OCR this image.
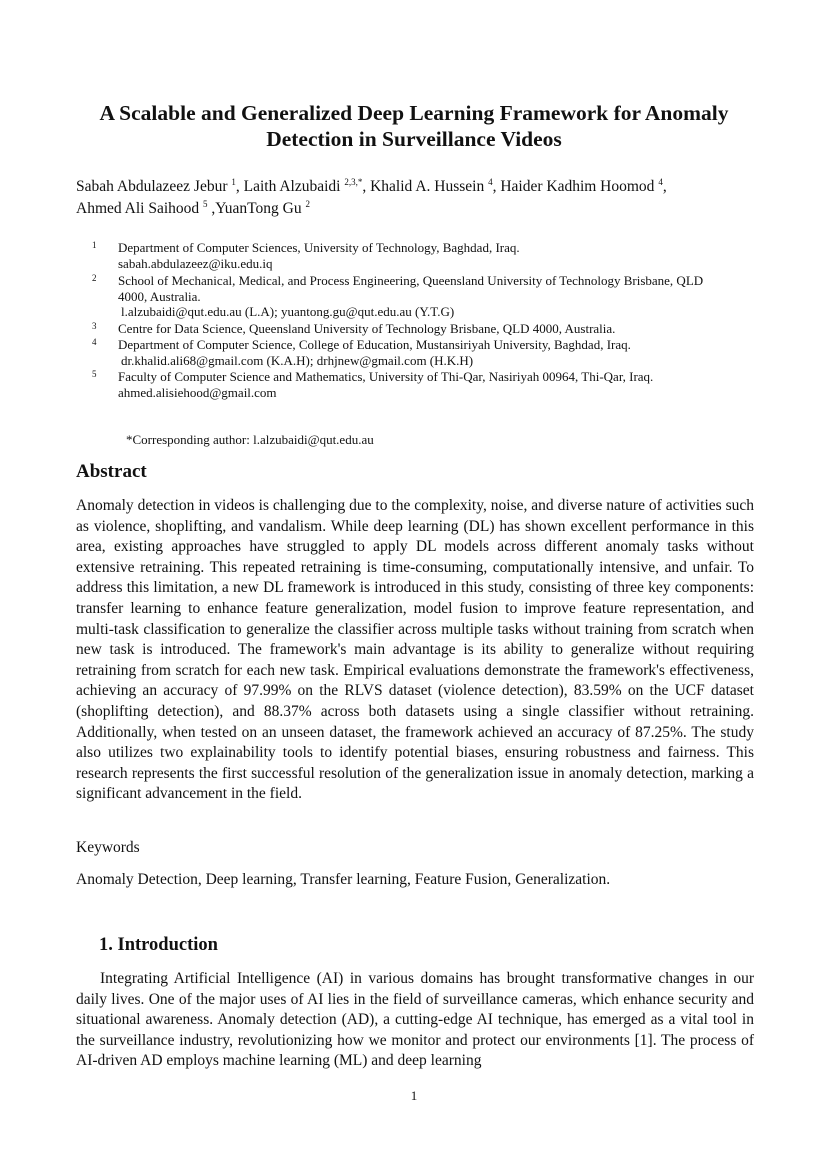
A Scalable and Generalized Deep Learning Framework for Anomaly
Detection in Surveillance Videos
Sabah Abdulazeez Jebur $^1$, Laith Alzubaidi $^{2,3,*}$, Khalid A. Hussein $^4$, Haider Kadhim Hoomod $^4$,
Ahmed Ali Saihood $^5$ ,YuanTong Gu $^2$
1 Department of Computer Sciences, University of Technology, Baghdad, Iraq.
sabah.abdulazeez@iku.edu.iq
2 School of Mechanical, Medical, and Process Engineering, Queensland University of Technology Brisbane, QLD
4000, Australia.
l.alzubaidi@qut.edu.au (L.A); yuantong.gu@qut.edu.au (Y.T.G)
3 Centre for Data Science, Queensland University of Technology Brisbane, QLD 4000, Australia.
4 Department of Computer Science, College of Education, Mustansiriyah University, Baghdad, Iraq.
dr.khalid.ali68@gmail.com (K.A.H); drhjnew@gmail.com (H.K.H)
5 Faculty of Computer Science and Mathematics, University of Thi-Qar, Nasiriyah 00964, Thi-Qar, Iraq.
ahmed.alisiehood@gmail.com
*Corresponding author: l.alzubaidi@qut.edu.au
Abstract

Anomaly detection in videos is challenging due to the complexity, noise, and diverse nature of activities such as violence, shoplifting, and vandalism. While deep learning (DL) has shown excellent performance in this area, existing approaches have struggled to apply DL models across different anomaly tasks without extensive retraining. This repeated retraining is time-consuming, computationally intensive, and unfair. To address this limitation, a new DL framework is introduced in this study, consisting of three key components: transfer learning to enhance feature generalization, model fusion to improve feature representation, and multi-task classification to generalize the classifier across multiple tasks without training from scratch when new task is introduced. The framework's main advantage is its ability to generalize without requiring retraining from scratch for each new task. Empirical evaluations demonstrate the framework's effectiveness, achieving an accuracy of 97.99% on the RLVS dataset (violence detection), 83.59% on the UCF dataset (shoplifting detection), and 88.37% across both datasets using a single classifier without retraining. Additionally, when tested on an unseen dataset, the framework achieved an accuracy of 87.25%. The study also utilizes two explainability tools to identify potential biases, ensuring robustness and fairness. This research represents the first successful resolution of the generalization issue in anomaly detection, marking a significant advancement in the field.

Keywords
Anomaly Detection, Deep learning, Transfer learning, Feature Fusion, Generalization.
1. Introduction

Integrating Artificial Intelligence (AI) in various domains has brought transformative changes in our daily lives. One of the major uses of AI lies in the field of surveillance cameras, which enhance security and situational awareness. Anomaly detection (AD), a cutting-edge AI technique, has emerged as a vital tool in the surveillance industry, revolutionizing how we monitor and protect our environments [1]. The process of AI-driven AD employs machine learning (ML) and deep learning

1
